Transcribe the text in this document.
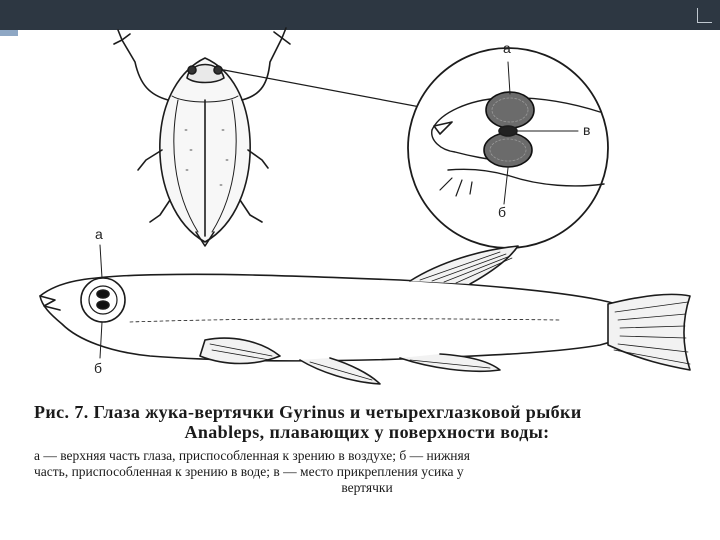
а
в
б
а
б
Рис. 7. Глаза жука-вертячки Gyrinus и четырехглазковой рыбки
Anableps, плавающих у поверхности воды:
а — верхняя часть глаза, приспособленная к зрению в воздухе; б — нижняя
часть, приспособленная к зрению в воде; в — место прикрепления усика у
вертячки
